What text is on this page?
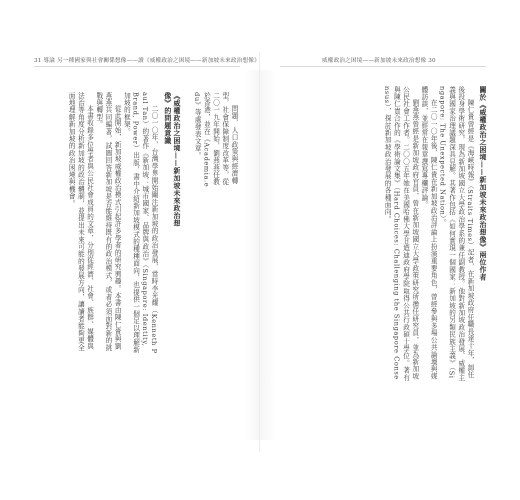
31 導論 另一種國家與社會關係想像——讀《威權政治之困境——新加坡未來政治想像》	威權政治之困境——新加坡未來政治想像 30

關於《威權政治之困境——新加坡未來政治想像》兩位作者

陳仁貴曾經是《海峽時報》（Straits Times）記者，在新加坡政府任職長達十年，卸任後投身學術研究，現為新加坡國立大學政治學系的兼任副教授。他對新加坡政治發展、威權主義與國家治理議題深具見解。其著作包括《如何實現一個國家：新加坡的另類民族主義》（Singapore: The Unexpected Nation）。

在二〇一〇年後，陳仁貴在新加坡政治評論上扮演重要角色，曾經參與多場公共論壇與媒體訪談，並經常在報章撰寫專欄評論。

劉燕燕曾經是新加坡政府官員，曾在新加坡國立大學政策研究所擔任研究員，並為新加坡公民社會工作者。二〇〇五年她在美國哈佛大學甘迺迪政府學院取得公共行政碩士學位。著有與陳仁貴合作的《學術論文集》（Hard Choices: Challenging the Singapore Consensus），探討新加坡政治發展的各種面向。

問題，人口政策與經濟轉型，社會保障制度改革等，從二〇一九年開始，劉燕燕任教於香港，並在《Academia.edu》等處發表文章。

《威權政治之困境——新加坡未來政治想像》的問題意識

二〇一〇年，台灣學界開始關注新加坡的政治發展，當時李光耀（Kenneth Paul Tan）的著作《新加坡：城市國家、品牌與政治》（Singapore: Identity, Brand, Power）出版，書中介紹新加坡模式的種種面向，也提供一個足以理解新加坡的框架。

從此開始，新加坡威權政治模式引起許多學者的研究興趣。本書由陳仁貴與劉燕燕共同編著，試圖回答新加坡是否能維持既有的政治模式，或者必須面對新的挑戰與轉型。

本書收錄多位學者與公民社會成員的文章，分別從經濟、社會、族群、媒體與法治等角度分析新加坡的政治體制，並提出未來可能的發展方向，讓讀者能夠更全面地理解新加坡的政治困境與機會。
